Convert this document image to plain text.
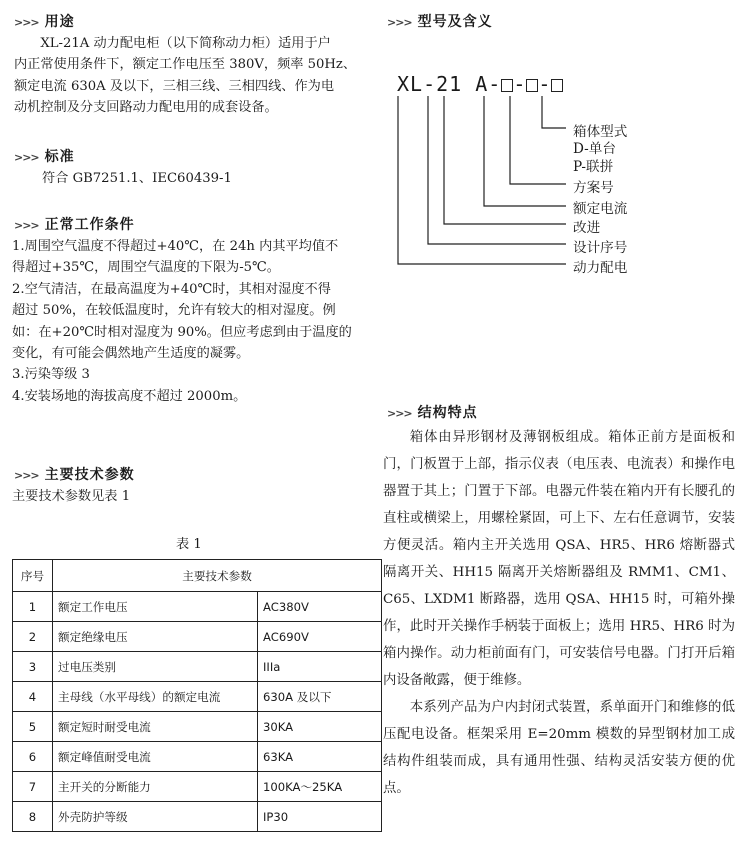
>>> 用途

XL-21A 动力配电柜（以下简称动力柜）适用于户

内正常使用条件下，额定工作电压至 380V，频率 50Hz、

额定电流 630A 及以下，三相三线、三相四线、作为电

动机控制及分支回路动力配电用的成套设备。

>>> 标准
符合 GB7251.1、IEC60439-1
>>> 正常工作条件

1.周围空气温度不得超过+40℃，在 24h 内其平均值不

得超过+35℃，周围空气温度的下限为-5℃。

2.空气清洁，在最高温度为+40℃时，其相对湿度不得

超过 50%，在较低温度时，允许有较大的相对湿度。例

如：在+20℃时相对湿度为 90%。但应考虑到由于温度的

变化，有可能会偶然地产生适度的凝雾。

3.污染等级 3

4.安装场地的海拔高度不超过 2000m。

>>> 主要技术参数
主要技术参数见表 1
表 1
序号	主要技术参数	
1	额定工作电压	AC380V
2	额定绝缘电压	AC690V
3	过电压类别	IIIa
4	主母线（水平母线）的额定电流	630A 及以下
5	额定短时耐受电流	30KA
6	额定峰值耐受电流	63KA
7	主开关的分断能力	100KA～25KA
8	外壳防护等级	IP30
>>> 型号及含义
XL-21 A- - -
箱体型式
D-单台
P-联拼
方案号
额定电流
改进
设计序号
动力配电
>>> 结构特点

箱体由异形钢材及薄钢板组成。箱体正前方是面板和门，门板置于上部，指示仪表（电压表、电流表）和操作电器置于其上；门置于下部。电器元件装在箱内开有长腰孔的直柱或横梁上，用螺栓紧固，可上下、左右任意调节，安装方便灵活。箱内主开关选用 QSA、HR5、HR6 熔断器式隔离开关、HH15 隔离开关熔断器组及 RMM1、CM1、C65、LXDM1 断路器，选用 QSA、HH15 时，可箱外操作，此时开关操作手柄装于面板上；选用 HR5、HR6 时为箱内操作。动力柜前面有门，可安装信号电器。门打开后箱内设备敞露，便于维修。

本系列产品为户内封闭式装置，系单面开门和维修的低压配电设备。框架采用 E=20mm 模数的异型钢材加工成结构件组装而成，具有通用性强、结构灵活安装方便的优点。
